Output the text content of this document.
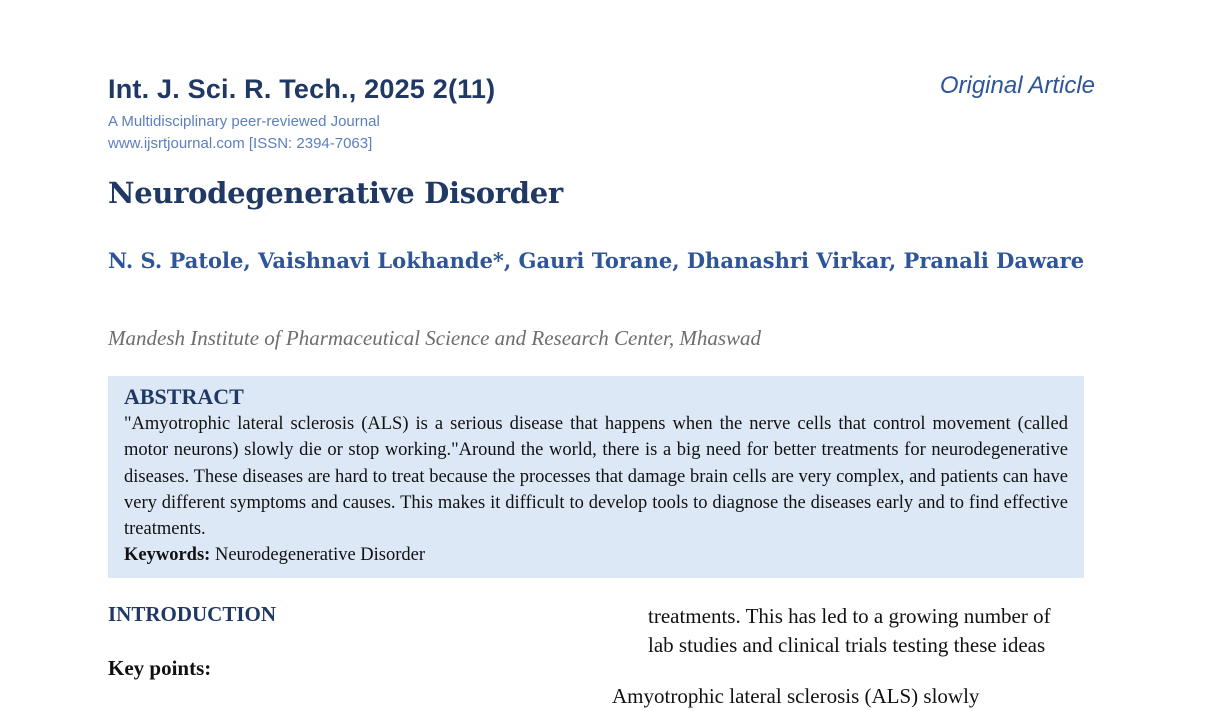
Int. J. Sci. R. Tech., 2025 2(11)	Original Article
A Multidisciplinary peer-reviewed Journal
www.ijsrtjournal.com [ISSN: 2394-7063]
Neurodegenerative Disorder
N. S. Patole, Vaishnavi Lokhande*, Gauri Torane, Dhanashri Virkar, Pranali Daware
Mandesh Institute of Pharmaceutical Science and Research Center, Mhaswad
ABSTRACT
"Amyotrophic lateral sclerosis (ALS) is a serious disease that happens when the nerve cells that control movement (called motor neurons) slowly die or stop working."Around the world, there is a big need for better treatments for neurodegenerative diseases. These diseases are hard to treat because the processes that damage brain cells are very complex, and patients can have very different symptoms and causes. This makes it difficult to develop tools to diagnose the diseases early and to find effective treatments.
Keywords: Neurodegenerative Disorder
INTRODUCTION
Key points:
treatments. This has led to a growing number of
lab studies and clinical trials testing these ideas
Amyotrophic lateral sclerosis (ALS) slowly
